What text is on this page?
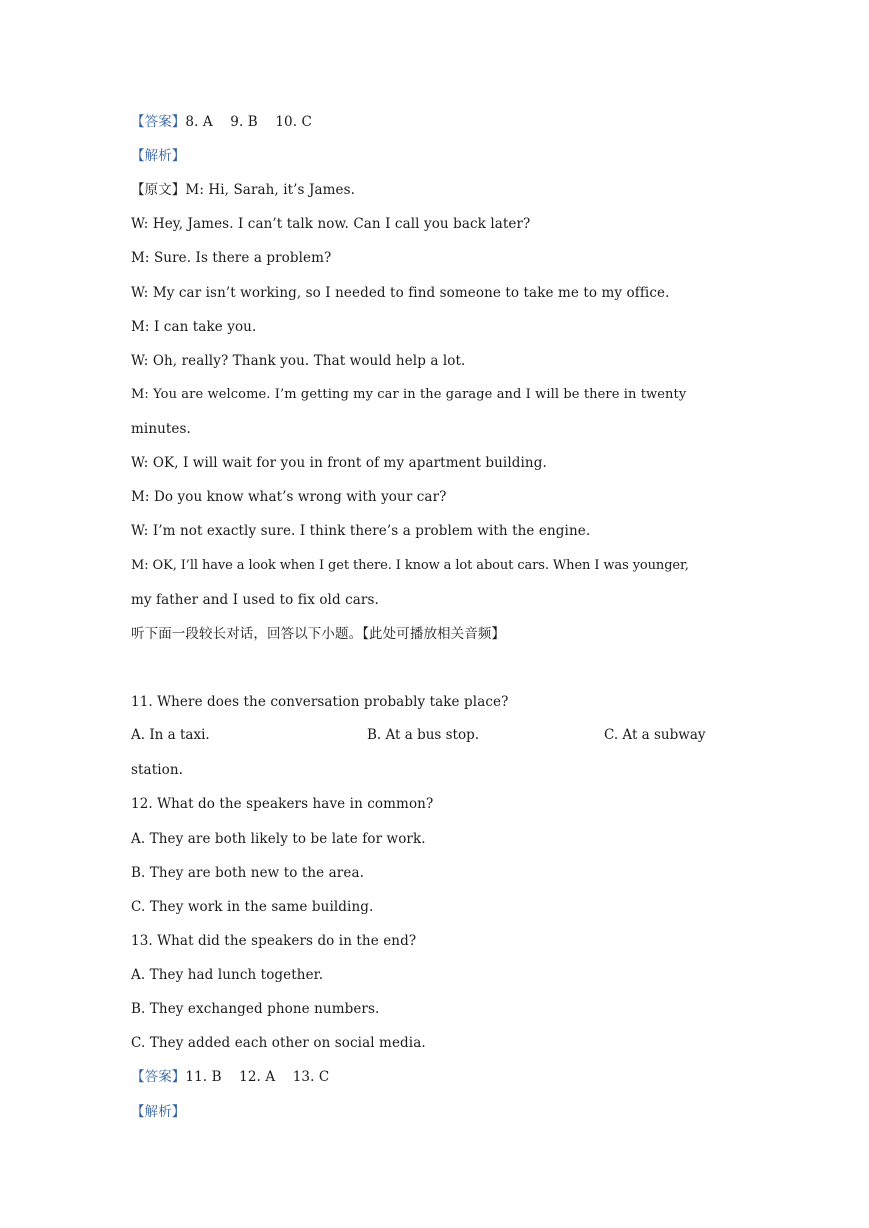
【答案】8. A    9. B    10. C
【解析】
【原文】M: Hi, Sarah, it’s James.
W: Hey, James. I can’t talk now. Can I call you back later?
M: Sure. Is there a problem?
W: My car isn’t working, so I needed to find someone to take me to my office.
M: I can take you.
W: Oh, really? Thank you. That would help a lot.
M: You are welcome. I’m getting my car in the garage and I will be there in twenty
minutes.
W: OK, I will wait for you in front of my apartment building.
M: Do you know what’s wrong with your car?
W: I’m not exactly sure. I think there’s a problem with the engine.
M: OK, I’ll have a look when I get there. I know a lot about cars. When I was younger,
my father and I used to fix old cars.
听下面一段较长对话，回答以下小题。【此处可播放相关音频】
11. Where does the conversation probably take place?

A. In a taxi.

	B. At a bus stop.

	C. At a subway

station.
12. What do the speakers have in common?
A. They are both likely to be late for work.
B. They are both new to the area.
C. They work in the same building.
13. What did the speakers do in the end?
A. They had lunch together.
B. They exchanged phone numbers.
C. They added each other on social media.
【答案】11. B    12. A    13. C
【解析】
